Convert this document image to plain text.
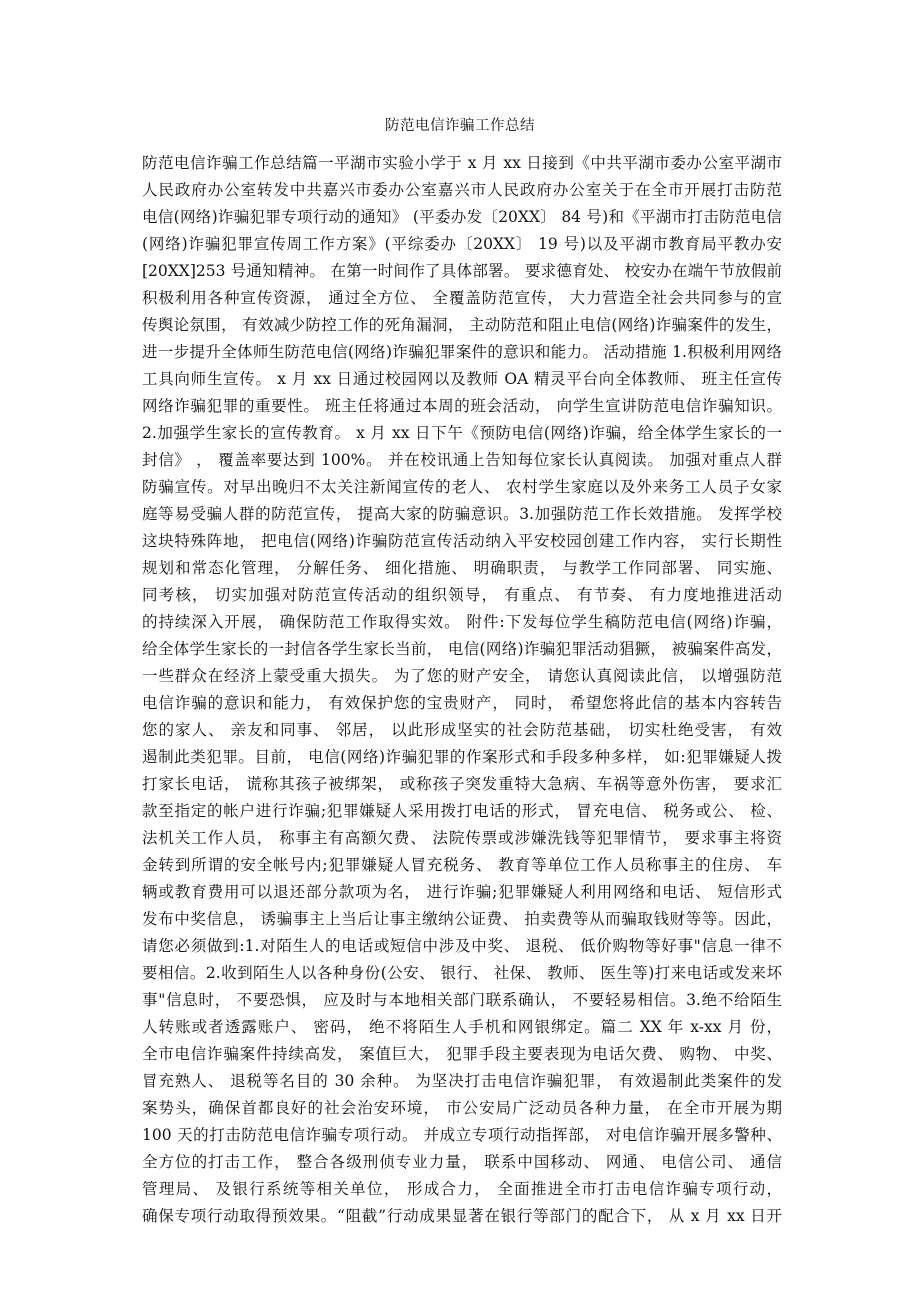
防范电信诈骗工作总结
防范电信诈骗工作总结篇一平湖市实验小学于 x 月 xx 日接到《中共平湖市委办公室平湖市
人民政府办公室转发中共嘉兴市委办公室嘉兴市人民政府办公室关于在全市开展打击防范
电信(网络)诈骗犯罪专项行动的通知》 (平委办发〔20XX〕 84 号)和《平湖市打击防范电信
(网络)诈骗犯罪宣传周工作方案》(平综委办〔20XX〕 19 号)以及平湖市教育局平教办安
[20XX]253 号通知精神。 在第一时间作了具体部署。 要求德育处、 校安办在端午节放假前
积极利用各种宣传资源， 通过全方位、 全覆盖防范宣传， 大力营造全社会共同参与的宣
传舆论氛围， 有效减少防控工作的死角漏洞， 主动防范和阻止电信(网络)诈骗案件的发生，
进一步提升全体师生防范电信(网络)诈骗犯罪案件的意识和能力。 活动措施 1.积极利用网络
工具向师生宣传。 x 月 xx 日通过校园网以及教师 OA 精灵平台向全体教师、 班主任宣传
网络诈骗犯罪的重要性。 班主任将通过本周的班会活动， 向学生宣讲防范电信诈骗知识。
2.加强学生家长的宣传教育。 x 月 xx 日下午《预防电信(网络)诈骗，给全体学生家长的一
封信》 ， 覆盖率要达到 100%。 并在校讯通上告知每位家长认真阅读。 加强对重点人群
防骗宣传。对早出晚归不太关注新闻宣传的老人、 农村学生家庭以及外来务工人员子女家
庭等易受骗人群的防范宣传， 提高大家的防骗意识。3.加强防范工作长效措施。 发挥学校
这块特殊阵地， 把电信(网络)诈骗防范宣传活动纳入平安校园创建工作内容， 实行长期性
规划和常态化管理， 分解任务、 细化措施、 明确职责， 与教学工作同部署、 同实施、
同考核， 切实加强对防范宣传活动的组织领导， 有重点、 有节奏、 有力度地推进活动
的持续深入开展， 确保防范工作取得实效。 附件:下发每位学生稿防范电信(网络)诈骗，
给全体学生家长的一封信各学生家长当前， 电信(网络)诈骗犯罪活动猖獗， 被骗案件高发，
一些群众在经济上蒙受重大损失。 为了您的财产安全， 请您认真阅读此信， 以增强防范
电信诈骗的意识和能力， 有效保护您的宝贵财产， 同时， 希望您将此信的基本内容转告
您的家人、 亲友和同事、 邻居， 以此形成坚实的社会防范基础， 切实杜绝受害， 有效
遏制此类犯罪。目前， 电信(网络)诈骗犯罪的作案形式和手段多种多样， 如:犯罪嫌疑人拨
打家长电话， 谎称其孩子被绑架， 或称孩子突发重特大急病、车祸等意外伤害， 要求汇
款至指定的帐户进行诈骗;犯罪嫌疑人采用拨打电话的形式， 冒充电信、 税务或公、 检、
法机关工作人员， 称事主有高额欠费、 法院传票或涉嫌洗钱等犯罪情节， 要求事主将资
金转到所谓的安全帐号内;犯罪嫌疑人冒充税务、 教育等单位工作人员称事主的住房、 车
辆或教育费用可以退还部分款项为名， 进行诈骗;犯罪嫌疑人利用网络和电话、 短信形式
发布中奖信息， 诱骗事主上当后让事主缴纳公证费、 拍卖费等从而骗取钱财等等。因此，
请您必须做到:1.对陌生人的电话或短信中涉及中奖、 退税、 低价购物等好事"信息一律不
要相信。2.收到陌生人以各种身份(公安、 银行、 社保、 教师、 医生等)打来电话或发来坏
事"信息时， 不要恐惧， 应及时与本地相关部门联系确认， 不要轻易相信。3.绝不给陌生
人转账或者透露账户、 密码， 绝不将陌生人手机和网银绑定。篇二 XX 年 x-xx 月 份，
全市电信诈骗案件持续高发， 案值巨大， 犯罪手段主要表现为电话欠费、 购物、 中奖、
冒充熟人、 退税等名目的 30 余种。 为坚决打击电信诈骗犯罪， 有效遏制此类案件的发
案势头，确保首都良好的社会治安环境， 市公安局广泛动员各种力量， 在全市开展为期
100 天的打击防范电信诈骗专项行动。 并成立专项行动指挥部， 对电信诈骗开展多警种、
全方位的打击工作， 整合各级刑侦专业力量， 联系中国移动、 网通、 电信公司、 通信
管理局、 及银行系统等相关单位， 形成合力， 全面推进全市打击电信诈骗专项行动，
确保专项行动取得预效果。“阻截”行动成果显著在银行等部门的配合下， 从 x 月 xx 日开
